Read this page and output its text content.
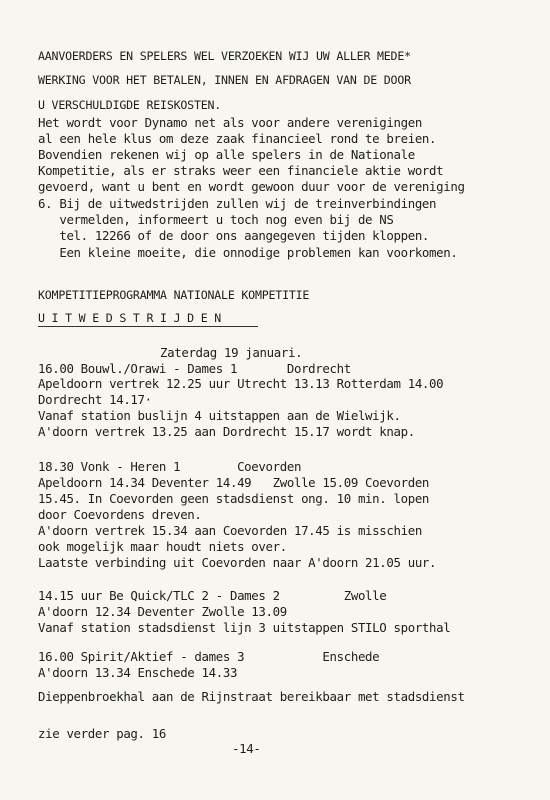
AANVOERDERS EN SPELERS WEL VERZOEKEN WIJ UW ALLER MEDE*
WERKING VOOR HET BETALEN, INNEN EN AFDRAGEN VAN DE DOOR
U VERSCHULDIGDE REISKOSTEN.
Het wordt voor Dynamo net als voor andere verenigingen
al een hele klus om deze zaak financieel rond te breien.
Bovendien rekenen wij op alle spelers in de Nationale
Kompetitie, als er straks weer een financiele aktie wordt
gevoerd, want u bent en wordt gewoon duur voor de vereniging
6. Bij de uitwedstrijden zullen wij de treinverbindingen
vermelden, informeert u toch nog even bij de NS
tel. 12266 of de door ons aangegeven tijden kloppen.
Een kleine moeite, die onnodige problemen kan voorkomen.
KOMPETITIEPROGRAMMA NATIONALE KOMPETITIE
U I T W E D S T R I J D E N
Zaterdag 19 januari.
16.00 Bouwl./Orawi - Dames 1       Dordrecht
Apeldoorn vertrek 12.25 uur Utrecht 13.13 Rotterdam 14.00
Dordrecht 14.17·
Vanaf station buslijn 4 uitstappen aan de Wielwijk.
A'doorn vertrek 13.25 aan Dordrecht 15.17 wordt knap.
18.30 Vonk - Heren 1        Coevorden
Apeldoorn 14.34 Deventer 14.49   Zwolle 15.09 Coevorden
15.45. In Coevorden geen stadsdienst ong. 10 min. lopen
door Coevordens dreven.
A'doorn vertrek 15.34 aan Coevorden 17.45 is misschien
ook mogelijk maar houdt niets over.
Laatste verbinding uit Coevorden naar A'doorn 21.05 uur.
14.15 uur Be Quick/TLC 2 - Dames 2         Zwolle
A'doorn 12.34 Deventer Zwolle 13.09
Vanaf station stadsdienst lijn 3 uitstappen STILO sporthal
16.00 Spirit/Aktief - dames 3           Enschede
A'doorn 13.34 Enschede 14.33
Dieppenbroekhal aan de Rijnstraat bereikbaar met stadsdienst
zie verder pag. 16
-14-
